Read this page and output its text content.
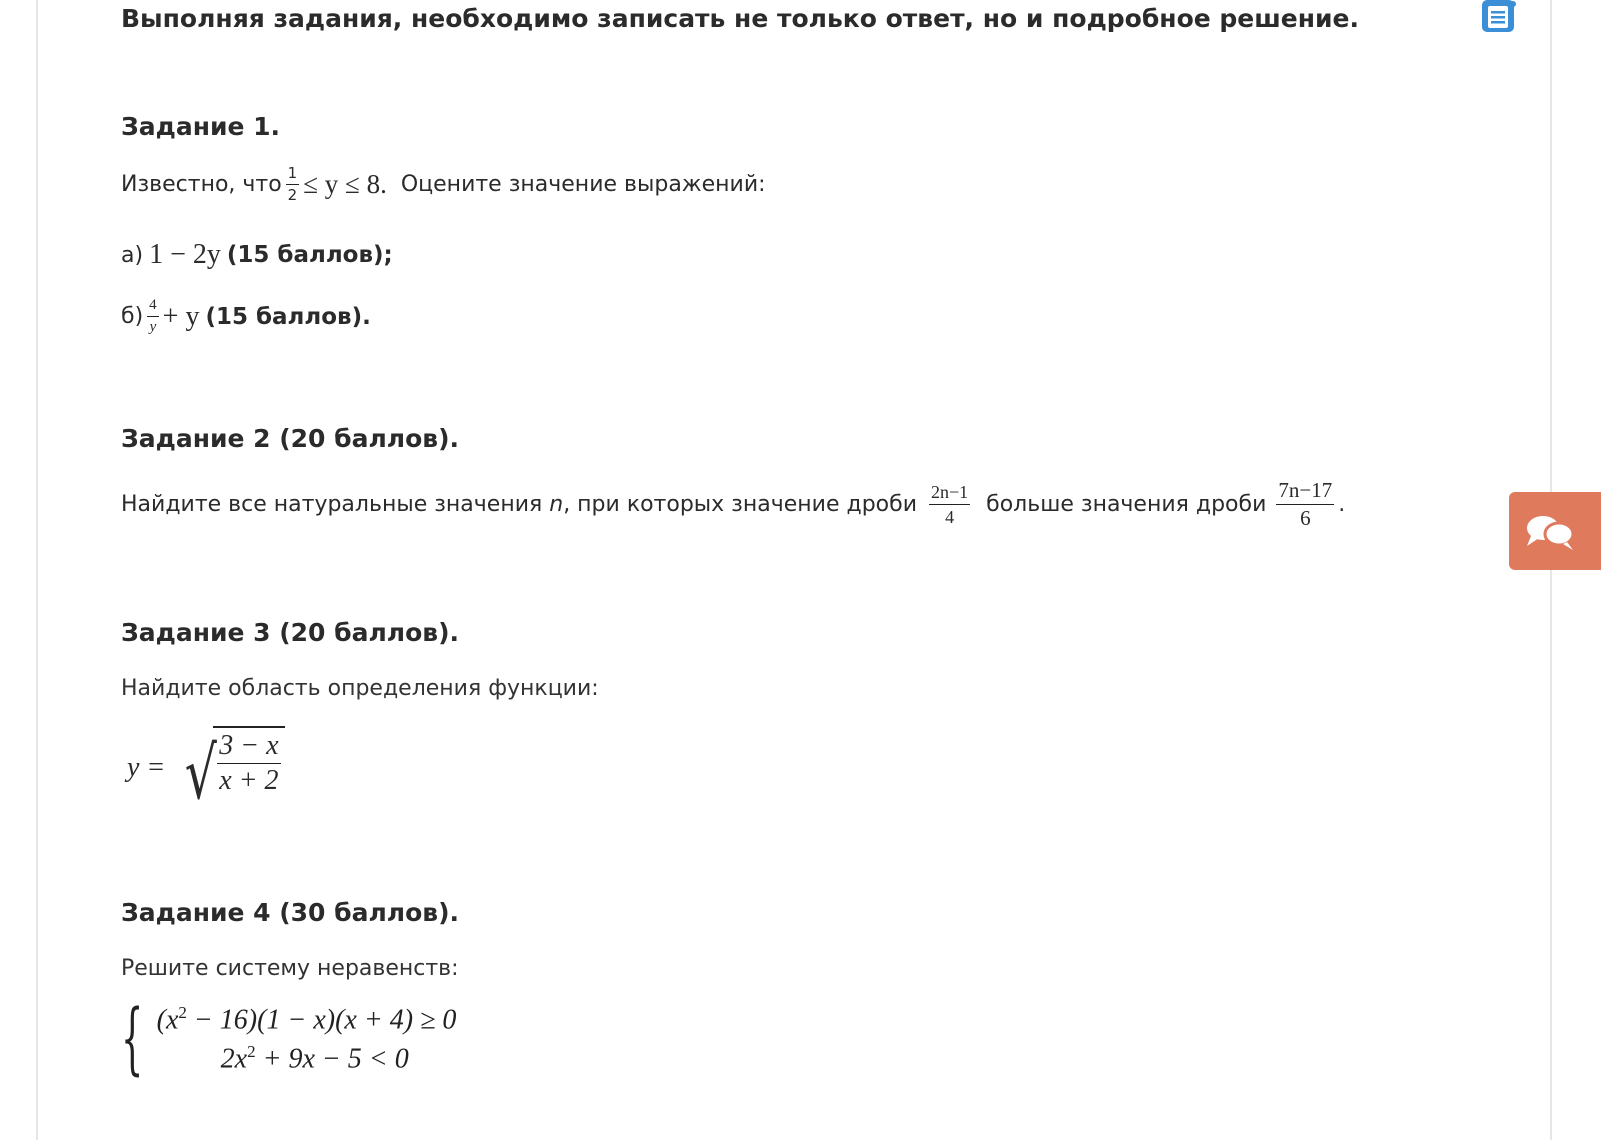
Выполняя задания, необходимо записать не только ответ, но и подробное решение.
Задание 1.
Известно, что $\frac{1}{2} \le y \le 8$. Оцените значение выражений:
а) 1 − 2y (15 баллов);
$б) \frac{4}{y} + y$ (15 баллов).
Задание 2 (20 баллов).
Найдите все натуральные значения n , при которых значение дроби $\frac{2n-1}{4}$ больше значения дроби $\frac{7n-17}{6}$ .
Задание 3 (20 баллов).
Найдите область определения функции:
y = √ $\frac{3 - x}{x + 2}$
Задание 4 (30 баллов).
Решите систему неравенств:
{ $(x^2 - 16)(1 - x)(x + 4) \ge 0$
$2x^2 + 9x - 5 < 0$
